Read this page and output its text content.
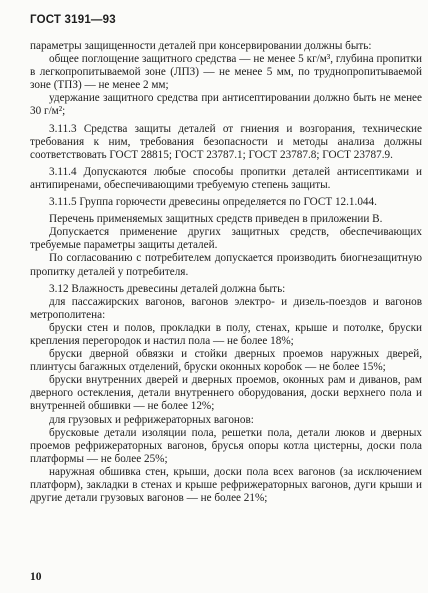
ГОСТ 3191—93

параметры защищенности деталей при консервировании должны быть:

общее поглощение защитного средства — не менее 5 кг/м³, глубина пропитки в легкопропитываемой зоне (ЛПЗ) — не менее 5 мм, по труднопропитываемой зоне (ТПЗ) — не менее 2 мм;

удержание защитного средства при антисептировании должно быть не менее 30 г/м²;

3.11.3 Средства защиты деталей от гниения и возгорания, технические требования к ним, требования безопасности и методы анализа должны соответствовать ГОСТ 28815; ГОСТ 23787.1; ГОСТ 23787.8; ГОСТ 23787.9.

3.11.4 Допускаются любые способы пропитки деталей антисептиками и антипиренами, обеспечивающими требуемую степень защиты.

3.11.5 Группа горючести древесины определяется по ГОСТ 12.1.044.

Перечень применяемых защитных средств приведен в приложении В.

Допускается применение других защитных средств, обеспечивающих требуемые параметры защиты деталей.

По согласованию с потребителем допускается производить биогнезащитную пропитку деталей у потребителя.

3.12 Влажность древесины деталей должна быть:

для пассажирских вагонов, вагонов электро- и дизель-поездов и вагонов метрополитена:

бруски стен и полов, прокладки в полу, стенах, крыше и потолке, бруски крепления перегородок и настил пола — не более 18%;

бруски дверной обвязки и стойки дверных проемов наружных дверей, плинтусы багажных отделений, бруски оконных коробок — не более 15%;

бруски внутренних дверей и дверных проемов, оконных рам и диванов, рам дверного остекления, детали внутреннего оборудования, доски верхнего пола и внутренней обшивки — не более 12%;

для грузовых и рефрижераторных вагонов:

брусковые детали изоляции пола, решетки пола, детали люков и дверных проемов рефрижераторных вагонов, брусья опоры котла цистерны, доски пола платформы — не более 25%;

наружная обшивка стен, крыши, доски пола всех вагонов (за исключением платформ), закладки в стенах и крыше рефрижераторных вагонов, дуги крыши и другие детали грузовых вагонов — не более 21%;

10
